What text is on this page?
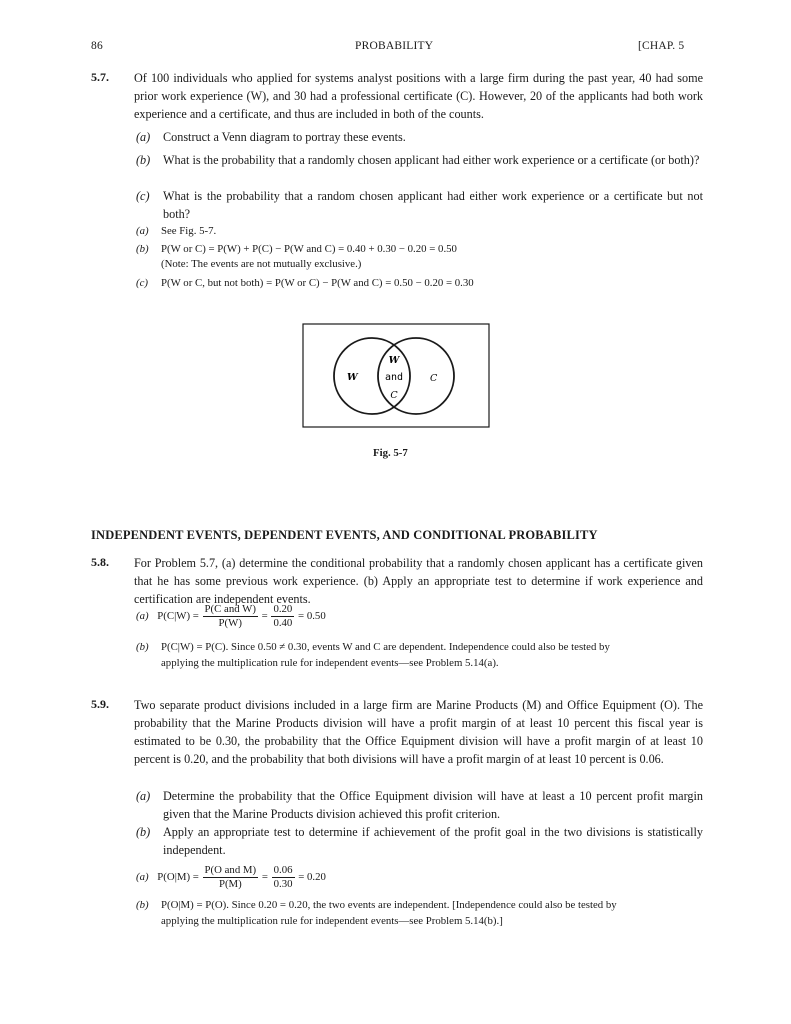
86	PROBABILITY	[CHAP. 5
5.7. Of 100 individuals who applied for systems analyst positions with a large firm during the past year, 40 had some prior work experience (W), and 30 had a professional certificate (C). However, 20 of the applicants had both work experience and a certificate, and thus are included in both of the counts.
(a) Construct a Venn diagram to portray these events.
(b) What is the probability that a randomly chosen applicant had either work experience or a certificate (or both)?
(c) What is the probability that a random chosen applicant had either work experience or a certificate but not both?
(a) See Fig. 5-7.
(b) P(W or C) = P(W) + P(C) − P(W and C) = 0.40 + 0.30 − 0.20 = 0.50
(Note: The events are not mutually exclusive.)
(c) P(W or C, but not both) = P(W or C) − P(W and C) = 0.50 − 0.20 = 0.30
W
W
and
C
C
Fig. 5-7
INDEPENDENT EVENTS, DEPENDENT EVENTS, AND CONDITIONAL PROBABILITY
5.8. For Problem 5.7, (a) determine the conditional probability that a randomly chosen applicant has a certificate given that he has some previous work experience. (b) Apply an appropriate test to determine if work experience and certification are independent events.
(a) $P(C|W) = \frac{\text{P(C and W)}}{P(W)} = \frac{0.20}{0.40} = 0.50$
(b) P(C|W) = P(C). Since 0.50 ≠ 0.30, events W and C are dependent. Independence could also be tested by
applying the multiplication rule for independent events—see Problem 5.14(a).
5.9. Two separate product divisions included in a large firm are Marine Products (M) and Office Equipment (O). The probability that the Marine Products division will have a profit margin of at least 10 percent this fiscal year is estimated to be 0.30, the probability that the Office Equipment division will have a profit margin of at least 10 percent is 0.20, and the probability that both divisions will have a profit margin of at least 10 percent is 0.06.
(a) Determine the probability that the Office Equipment division will have at least a 10 percent profit margin given that the Marine Products division achieved this profit criterion.
(b) Apply an appropriate test to determine if achievement of the profit goal in the two divisions is statistically independent.
(a) $P(O|M) = \frac{\text{P(O and M)}}{P(M)} = \frac{0.06}{0.30} = 0.20$
(b) P(O|M) = P(O). Since 0.20 = 0.20, the two events are independent. [Independence could also be tested by
applying the multiplication rule for independent events—see Problem 5.14(b).]
